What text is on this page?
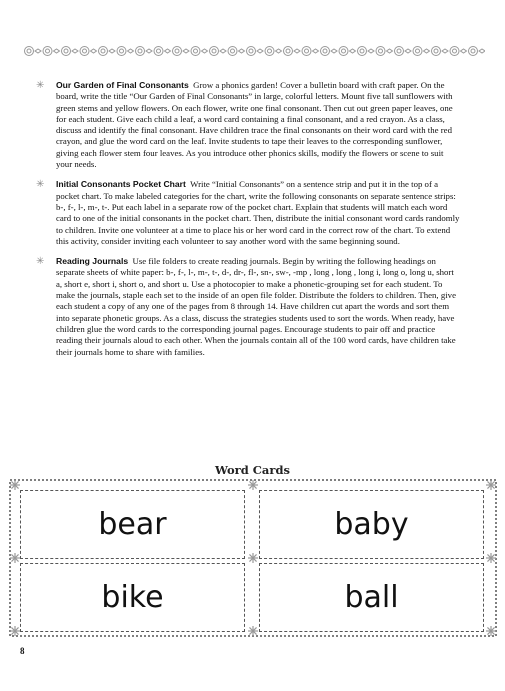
✳ Our Garden of Final Consonants Grow a phonics garden! Cover a bulletin board with craft paper. On the board, write the title “Our Garden of Final Consonants” in large, colorful letters. Mount five tall sunflowers with green stems and yellow flowers. On each flower, write one final consonant. Then cut out green paper leaves, one for each student. Give each child a leaf, a word card containing a final consonant, and a red crayon. As a class, discuss and identify the final consonant. Have children trace the final consonants on their word card with the red crayon, and glue the word card on the leaf. Invite students to tape their leaves to the corresponding sunflower, giving each flower stem four leaves. As you introduce other phonics skills, modify the flowers or scene to suit your needs.
✳ Initial Consonants Pocket Chart Write “Initial Consonants” on a sentence strip and put it in the top of a pocket chart. To make labeled categories for the chart, write the following consonants on separate sentence strips: b-, f-, l-, m-, t-. Put each label in a separate row of the pocket chart. Explain that students will match each word card to one of the initial consonants in the pocket chart. Then, distribute the initial consonant word cards randomly to children. Invite one volunteer at a time to place his or her word card in the correct row of the chart. To extend this activity, consider inviting each volunteer to say another word with the same beginning sound.
✳ Reading Journals Use file folders to create reading journals. Begin by writing the following headings on separate sheets of white paper: b-, f-, l-, m-, t-, d-, dr-, fl-, sn-, sw-, -mp , long , long , long i, long o, long u, short a, short e, short i, short o, and short u. Use a photocopier to make a phonetic-grouping set for each student. To make the journals, staple each set to the inside of an open file folder. Distribute the folders to children. Then, give each student a copy of any one of the pages from 8 through 14. Have children cut apart the words and sort them into separate phonetic groups. As a class, discuss the strategies students used to sort the words. When ready, have children glue the word cards to the corresponding journal pages. Encourage students to pair off and practice reading their journals aloud to each other. When the journals contain all of the 100 word cards, have children take their journals home to share with families.
Word Cards
bear	baby
bike	ball
8
